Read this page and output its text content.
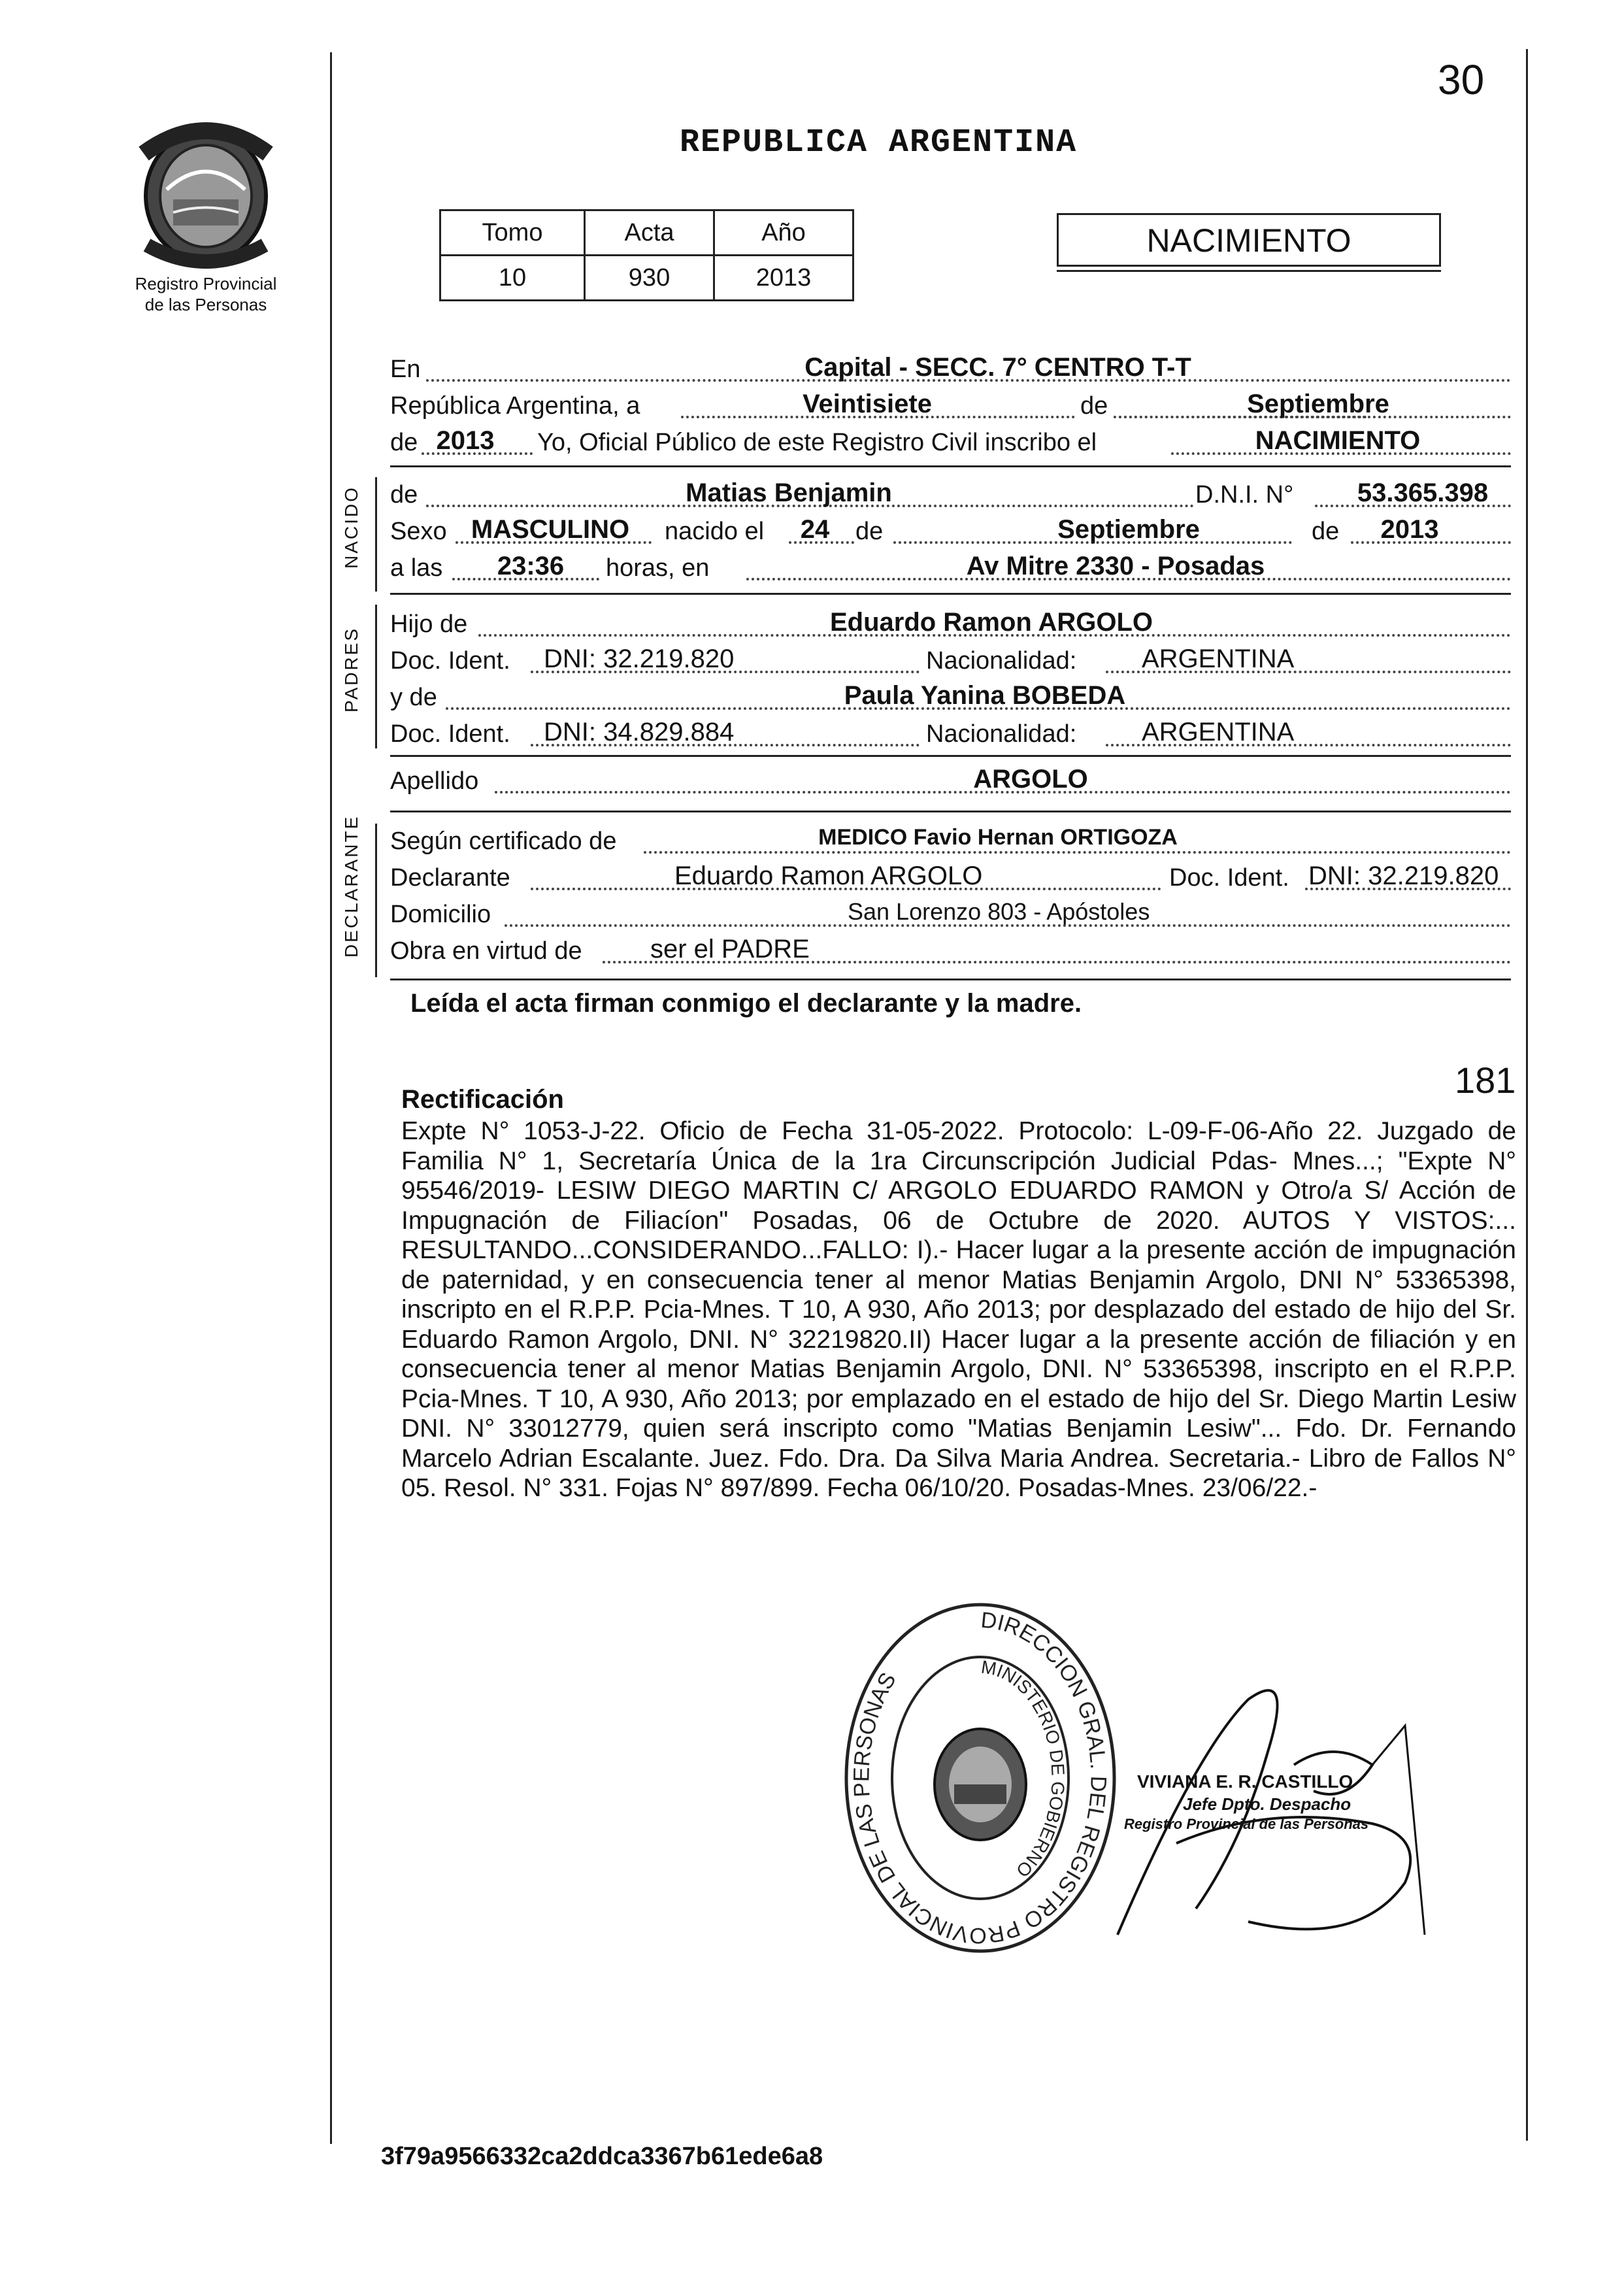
30
REPUBLICA ARGENTINA
Registro Provincial
de las Personas
Tomo	Acta	Año
10	930	2013
NACIMIENTO
En	Capital - SECC. 7° CENTRO T-T
República Argentina, a	Veintisiete	de	Septiembre
de 2013	Yo, Oficial Público de este Registro Civil inscribo el	NACIMIENTO
NACIDO de	Matias Benjamin	D.N.I. N°	53.365.398
Sexo MASCULINO	nacido el	24	de	Septiembre	de	2013
a las	23:36	horas, en	Av Mitre 2330 - Posadas
PADRES
Hijo de	Eduardo Ramon ARGOLO
Doc. Ident. DNI: 32.219.820	Nacionalidad: ARGENTINA
y de	Paula Yanina BOBEDA
Doc. Ident. DNI: 34.829.884	Nacionalidad: ARGENTINA
Apellido	ARGOLO
DECLARANTE Según certificado de	MEDICO Favio Hernan ORTIGOZA
Declarante	Eduardo Ramon ARGOLO	Doc. Ident. DNI: 32.219.820
Domicilio	San Lorenzo 803 - Apóstoles
Obra en virtud de	ser el PADRE
Leída el acta firman conmigo el declarante y la madre.
181
Rectificación
Expte N° 1053-J-22. Oficio de Fecha 31-05-2022. Protocolo: L-09-F-06-Año 22. Juzgado de Familia N° 1, Secretaría Única de la 1ra Circunscripción Judicial Pdas- Mnes...; "Expte N° 95546/2019- LESIW DIEGO MARTIN C/ ARGOLO EDUARDO RAMON y Otro/a S/ Acción de Impugnación de Filiacíon" Posadas, 06 de Octubre de 2020. AUTOS Y VISTOS:... RESULTANDO...CONSIDERANDO...FALLO: I).- Hacer lugar a la presente acción de impugnación de paternidad, y en consecuencia tener al menor Matias Benjamin Argolo, DNI N° 53365398, inscripto en el R.P.P. Pcia-Mnes. T 10, A 930, Año 2013; por desplazado del estado de hijo del Sr. Eduardo Ramon Argolo, DNI. N° 32219820.II) Hacer lugar a la presente acción de filiación y en consecuencia tener al menor Matias Benjamin Argolo, DNI. N° 53365398, inscripto en el R.P.P. Pcia-Mnes. T 10, A 930, Año 2013; por emplazado en el estado de hijo del Sr. Diego Martin Lesiw DNI. N° 33012779, quien será inscripto como "Matias Benjamin Lesiw"... Fdo. Dr. Fernando Marcelo Adrian Escalante. Juez. Fdo. Dra. Da Silva Maria Andrea. Secretaria.- Libro de Fallos N° 05. Resol. N° 331. Fojas N° 897/899. Fecha 06/10/20. Posadas-Mnes. 23/06/22.-
DIRECCION GRAL. DEL REGISTRO PROVINCIAL DE LAS PERSONAS
MINISTERIO DE GOBIERNO
VIVIANA E. R. CASTILLO
Jefe Dpto. Despacho
Registro Provincial de las Personas
3f79a9566332ca2ddca3367b61ede6a8
